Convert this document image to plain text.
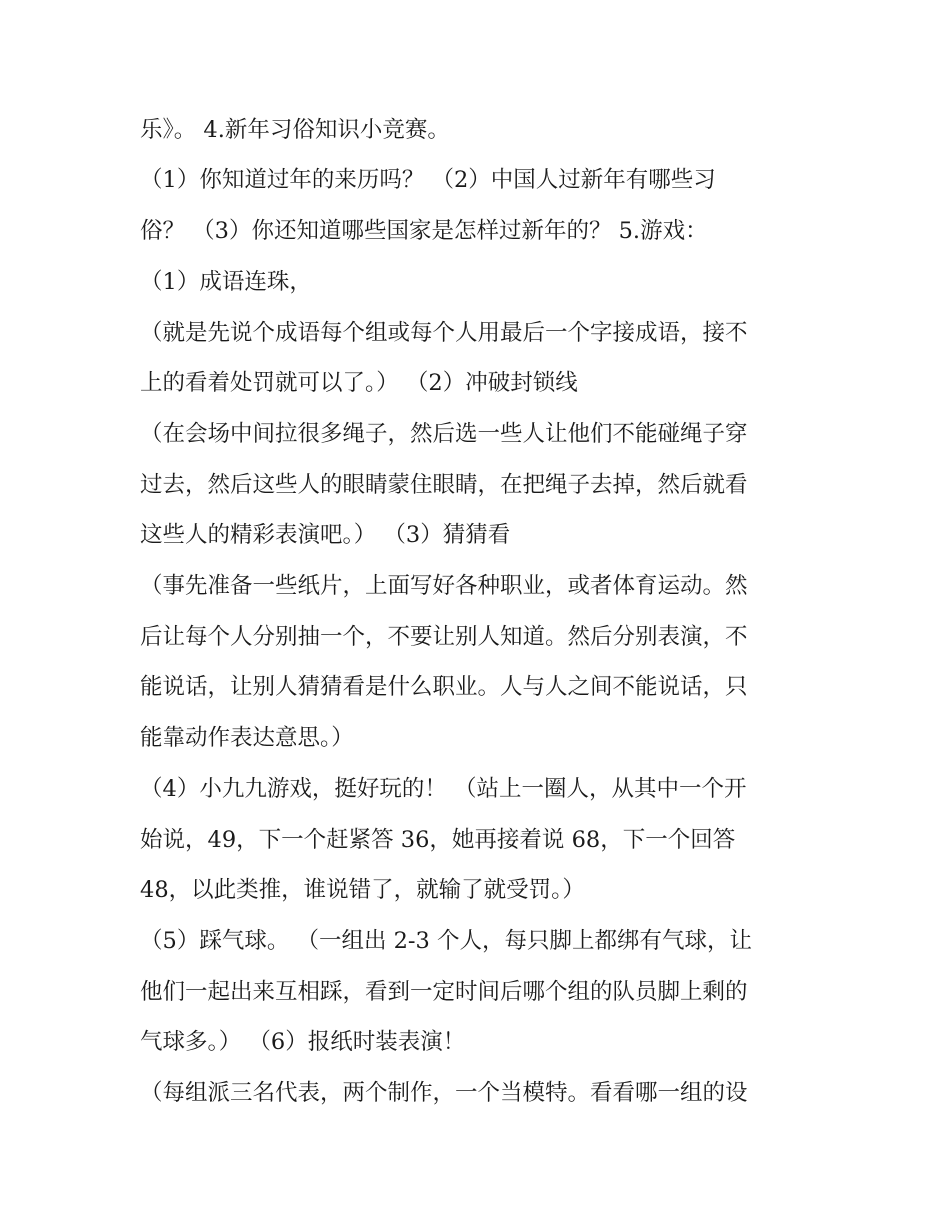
乐》。 4.新年习俗知识小竞赛。
（1）你知道过年的来历吗？ （2）中国人过新年有哪些习
俗？ （3）你还知道哪些国家是怎样过新年的？ 5.游戏：
（1）成语连珠，
（就是先说个成语每个组或每个人用最后一个字接成语，接不
上的看着处罚就可以了。） （2）冲破封锁线
（在会场中间拉很多绳子，然后选一些人让他们不能碰绳子穿
过去，然后这些人的眼睛蒙住眼睛，在把绳子去掉，然后就看
这些人的精彩表演吧。） （3）猜猜看
（事先准备一些纸片，上面写好各种职业，或者体育运动。然
后让每个人分别抽一个，不要让别人知道。然后分别表演，不
能说话，让别人猜猜看是什么职业。人与人之间不能说话，只
能靠动作表达意思。）
（4）小九九游戏，挺好玩的！ （站上一圈人，从其中一个开
始说，49，下一个赶紧答 36，她再接着说 68，下一个回答
48，以此类推，谁说错了，就输了就受罚。）
（5）踩气球。 （一组出 2-3 个人，每只脚上都绑有气球，让
他们一起出来互相踩，看到一定时间后哪个组的队员脚上剩的
气球多。） （6）报纸时装表演！
（每组派三名代表，两个制作，一个当模特。看看哪一组的设
